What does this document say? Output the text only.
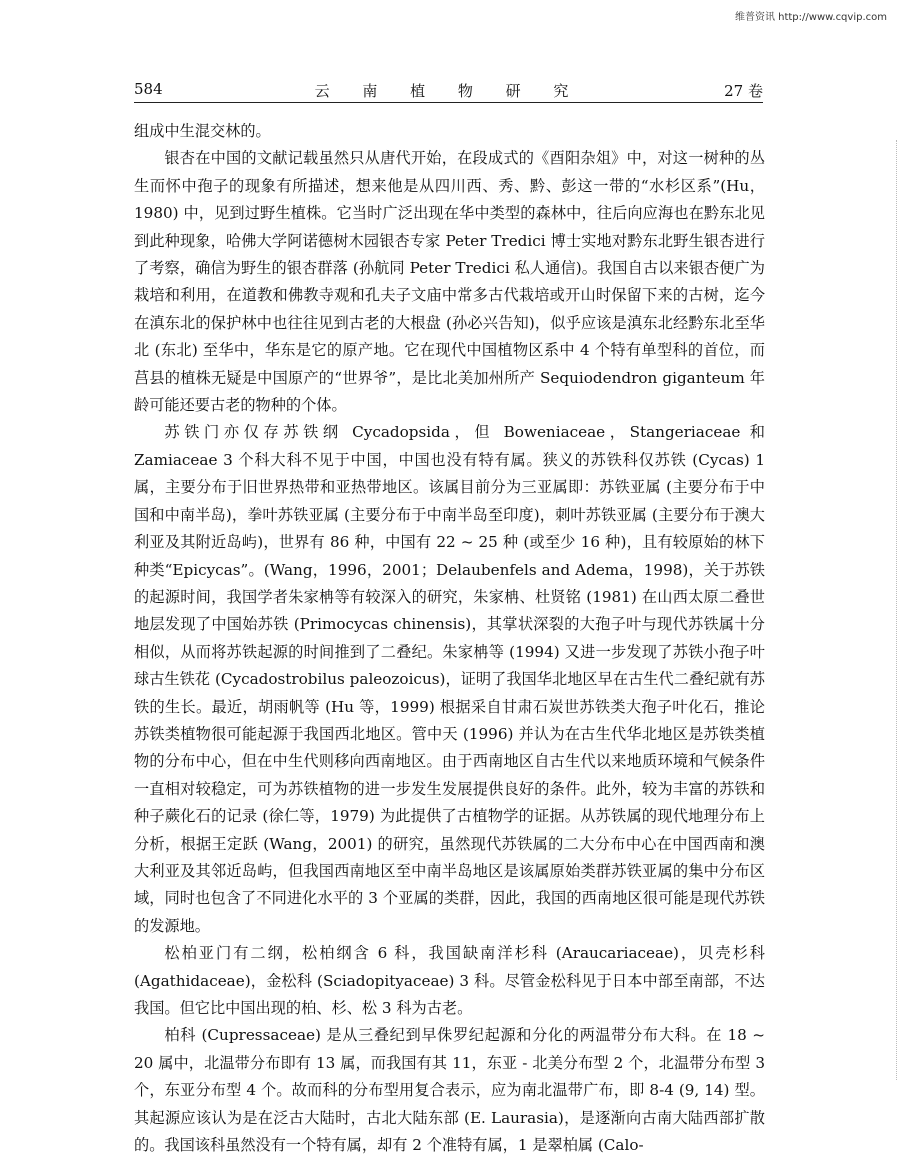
维普资讯 http://www.cqvip.com
584	云 南 植 物 研 究	27 卷

组成中生混交林的。

银杏在中国的文献记载虽然只从唐代开始，在段成式的《酉阳杂俎》中，对这一树种的丛生而怀中孢子的现象有所描述，想来他是从四川西、秀、黔、彭这一带的“水杉区系”(Hu，1980) 中，见到过野生植株。它当时广泛出现在华中类型的森林中，往后向应海也在黔东北见到此种现象，哈佛大学阿诺德树木园银杏专家 Peter Tredici 博士实地对黔东北野生银杏进行了考察，确信为野生的银杏群落 (孙航同 Peter Tredici 私人通信)。我国自古以来银杏便广为栽培和利用，在道教和佛教寺观和孔夫子文庙中常多古代栽培或开山时保留下来的古树，迄今在滇东北的保护林中也往往见到古老的大根盘 (孙必兴告知)，似乎应该是滇东北经黔东北至华北 (东北) 至华中，华东是它的原产地。它在现代中国植物区系中 4 个特有单型科的首位，而莒县的植株无疑是中国原产的“世界爷”，是比北美加州所产 Sequiodendron giganteum 年龄可能还要古老的物种的个体。

苏铁门亦仅存苏铁纲 Cycadopsida，但 Boweniaceae，Stangeriaceae 和 Zamiaceae 3 个科大科不见于中国，中国也没有特有属。狭义的苏铁科仅苏铁 (Cycas) 1 属，主要分布于旧世界热带和亚热带地区。该属目前分为三亚属即：苏铁亚属 (主要分布于中国和中南半岛)，拳叶苏铁亚属 (主要分布于中南半岛至印度)，刺叶苏铁亚属 (主要分布于澳大利亚及其附近岛屿)，世界有 86 种，中国有 22 ~ 25 种 (或至少 16 种)，且有较原始的林下种类“Epicycas”。(Wang，1996，2001；Delaubenfels and Adema，1998)，关于苏铁的起源时间，我国学者朱家柟等有较深入的研究，朱家柟、杜贤铭 (1981) 在山西太原二叠世地层发现了中国始苏铁 (Primocycas chinensis)，其掌状深裂的大孢子叶与现代苏铁属十分相似，从而将苏铁起源的时间推到了二叠纪。朱家柟等 (1994) 又进一步发现了苏铁小孢子叶球古生铁花 (Cycadostrobilus paleozoicus)，证明了我国华北地区早在古生代二叠纪就有苏铁的生长。最近，胡雨帆等 (Hu 等，1999) 根据采自甘肃石炭世苏铁类大孢子叶化石，推论苏铁类植物很可能起源于我国西北地区。管中天 (1996) 并认为在古生代华北地区是苏铁类植物的分布中心，但在中生代则移向西南地区。由于西南地区自古生代以来地质环境和气候条件一直相对较稳定，可为苏铁植物的进一步发生发展提供良好的条件。此外，较为丰富的苏铁和种子蕨化石的记录 (徐仁等，1979) 为此提供了古植物学的证据。从苏铁属的现代地理分布上分析，根据王定跃 (Wang，2001) 的研究，虽然现代苏铁属的二大分布中心在中国西南和澳大利亚及其邻近岛屿，但我国西南地区至中南半岛地区是该属原始类群苏铁亚属的集中分布区域，同时也包含了不同进化水平的 3 个亚属的类群，因此，我国的西南地区很可能是现代苏铁的发源地。

松柏亚门有二纲，松柏纲含 6 科，我国缺南洋杉科 (Araucariaceae)，贝壳杉科 (Agathidaceae)，金松科 (Sciadopityaceae) 3 科。尽管金松科见于日本中部至南部，不达我国。但它比中国出现的柏、杉、松 3 科为古老。

柏科 (Cupressaceae) 是从三叠纪到早侏罗纪起源和分化的两温带分布大科。在 18 ~ 20 属中，北温带分布即有 13 属，而我国有其 11，东亚 - 北美分布型 2 个，北温带分布型 3 个，东亚分布型 4 个。故而科的分布型用复合表示，应为南北温带广布，即 8-4 (9, 14) 型。其起源应该认为是在泛古大陆时，古北大陆东部 (E. Laurasia)，是逐渐向古南大陆西部扩散的。我国该科虽然没有一个特有属，却有 2 个准特有属，1 是翠柏属 (Calo-
